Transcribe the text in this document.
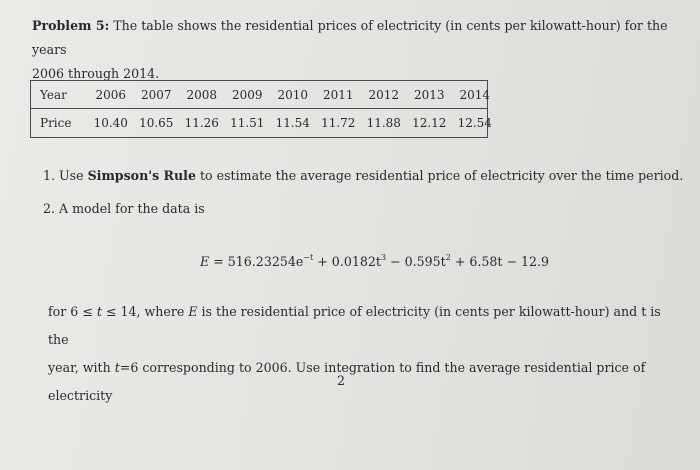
Problem 5: The table shows the residential prices of electricity (in cents per kilowatt-hour) for the years
2006 through 2014.
Year	2006	2007	2008	2009	2010	2011	2012	2013	2014
Price	10.40 10.65 11.26 11.51 11.54 11.72 11.88 12.12 12.54
1. Use Simpson's Rule to estimate the average residential price of electricity over the time period.
2. A model for the data is
$E = 516.23254e^{-t} + 0.0182t^3 - 0.595t^2 + 6.58t - 12.9$
for 6 ≤ t ≤ 14, where E is the residential price of electricity (in cents per kilowatt-hour) and t is the
year, with t=6 corresponding to 2006. Use integration to find the average residential price of electricity
2
